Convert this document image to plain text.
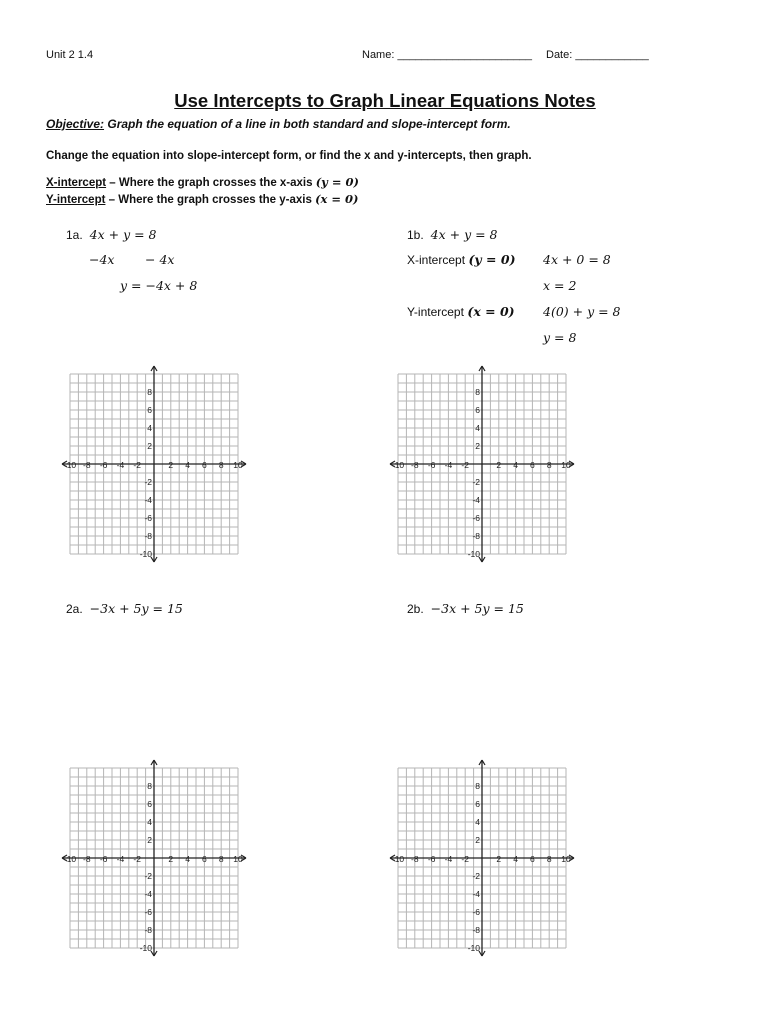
Unit 2 1.4	Name: ______________________ Date: ____________
Use Intercepts to Graph Linear Equations Notes
Objective: Graph the equation of a line in both standard and slope-intercept form.
Change the equation into slope-intercept form, or find the x and y-intercepts, then graph.
X-intercept – Where the graph crosses the x-axis (y = 0)
Y-intercept – Where the graph crosses the y-axis (x = 0)
1a. 4x + y = 8
−4x − 4x
y = −4x + 8
1b. 4x + y = 8
X-intercept (y = 0) 4x + 0 = 8
x = 2
Y-intercept (x = 0) 4(0) + y = 8
y = 8
2a. −3x + 5y = 15	2b. −3x + 5y = 15
-10 -8 -6 -4 -2	2 4 6 8 10
8
6
4
2
-2
-4
-6
-8
-10
-10 -8 -6 -4 -2	2 4 6 8 10
8
6
4
2
-2
-4
-6
-8
-10
-10 -8 -6 -4 -2	2 4 6 8 10
8
6
4
2
-2
-4
-6
-8
-10
-10 -8 -6 -4 -2	2 4 6 8 10
8
6
4
2
-2
-4
-6
-8
-10
